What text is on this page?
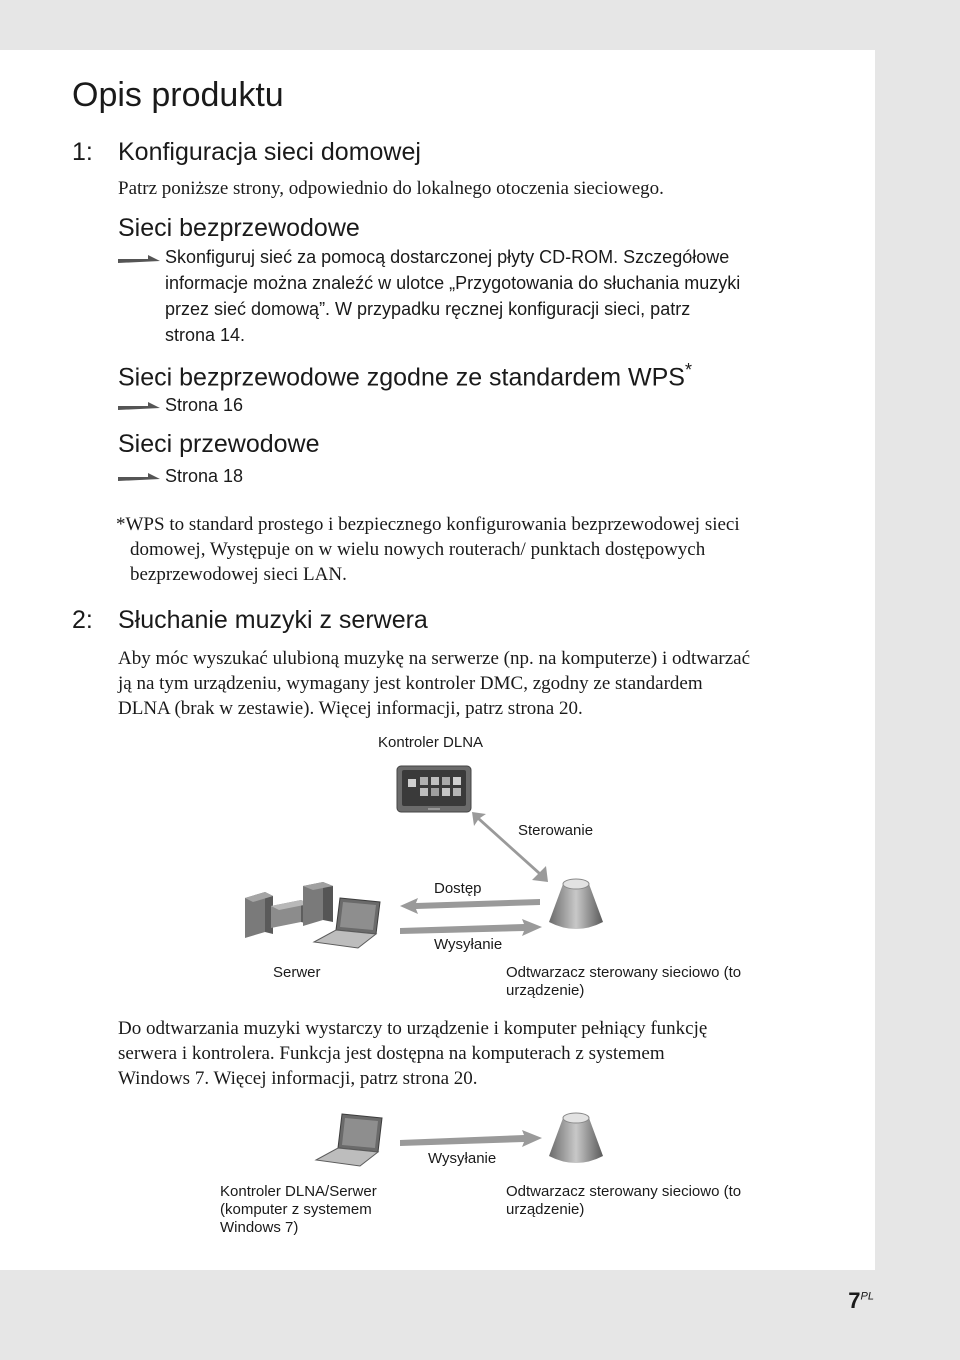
Opis produktu
1: Konfiguracja sieci domowej
Patrz poniższe strony, odpowiednio do lokalnego otoczenia sieciowego.
Sieci bezprzewodowe
Skonfiguruj sieć za pomocą dostarczonej płyty CD-ROM. Szczegółowe
informacje można znaleźć w ulotce „Przygotowania do słuchania muzyki
przez sieć domową”. W przypadku ręcznej konfiguracji sieci, patrz
strona 14.
Sieci bezprzewodowe zgodne ze standardem WPS*
Strona 16
Sieci przewodowe
Strona 18
*WPS to standard prostego i bezpiecznego konfigurowania bezprzewodowej sieci
domowej, Występuje on w wielu nowych routerach/ punktach dostępowych
bezprzewodowej sieci LAN.
2: Słuchanie muzyki z serwera
Aby móc wyszukać ulubioną muzykę na serwerze (np. na komputerze) i odtwarzać
ją na tym urządzeniu, wymagany jest kontroler DMC, zgodny ze standardem
DLNA (brak w zestawie). Więcej informacji, patrz strona 20.
Kontroler DLNA
Sterowanie
Dostęp
Wysyłanie
Serwer	Odtwarzacz sterowany sieciowo (to
urządzenie)
Do odtwarzania muzyki wystarczy to urządzenie i komputer pełniący funkcję
serwera i kontrolera. Funkcja jest dostępna na komputerach z systemem
Windows 7. Więcej informacji, patrz strona 20.
Wysyłanie
Kontroler DLNA/Serwer
(komputer z systemem
Windows 7)
Odtwarzacz sterowany sieciowo (to
urządzenie)
$7^{PL}$
